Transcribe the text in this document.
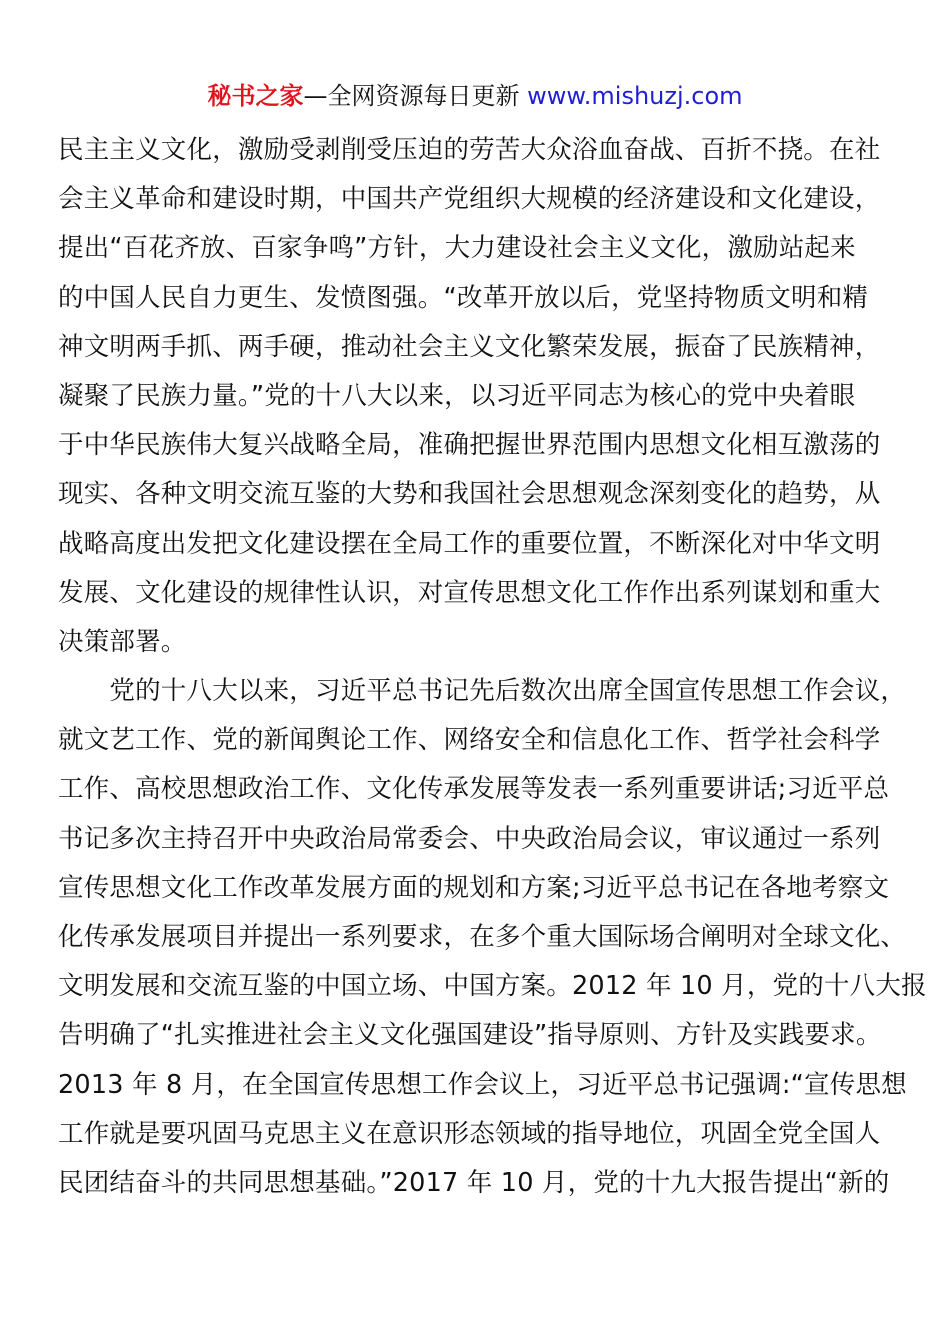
秘书之家—全网资源每日更新 www.mishuzj.com
民主主义文化，激励受剥削受压迫的劳苦大众浴血奋战、百折不挠。在社
会主义革命和建设时期，中国共产党组织大规模的经济建设和文化建设，
提出“百花齐放、百家争鸣”方针，大力建设社会主义文化，激励站起来
的中国人民自力更生、发愤图强。“改革开放以后，党坚持物质文明和精
神文明两手抓、两手硬，推动社会主义文化繁荣发展，振奋了民族精神，
凝聚了民族力量。”党的十八大以来，以习近平同志为核心的党中央着眼
于中华民族伟大复兴战略全局，准确把握世界范围内思想文化相互激荡的
现实、各种文明交流互鉴的大势和我国社会思想观念深刻变化的趋势，从
战略高度出发把文化建设摆在全局工作的重要位置，不断深化对中华文明
发展、文化建设的规律性认识，对宣传思想文化工作作出系列谋划和重大
决策部署。
　　党的十八大以来，习近平总书记先后数次出席全国宣传思想工作会议，
就文艺工作、党的新闻舆论工作、网络安全和信息化工作、哲学社会科学
工作、高校思想政治工作、文化传承发展等发表一系列重要讲话;习近平总
书记多次主持召开中央政治局常委会、中央政治局会议，审议通过一系列
宣传思想文化工作改革发展方面的规划和方案;习近平总书记在各地考察文
化传承发展项目并提出一系列要求，在多个重大国际场合阐明对全球文化、
文明发展和交流互鉴的中国立场、中国方案。2012 年 10 月，党的十八大报
告明确了“扎实推进社会主义文化强国建设”指导原则、方针及实践要求。
2013 年 8 月，在全国宣传思想工作会议上，习近平总书记强调:“宣传思想
工作就是要巩固马克思主义在意识形态领域的指导地位，巩固全党全国人
民团结奋斗的共同思想基础。”2017 年 10 月，党的十九大报告提出“新的
